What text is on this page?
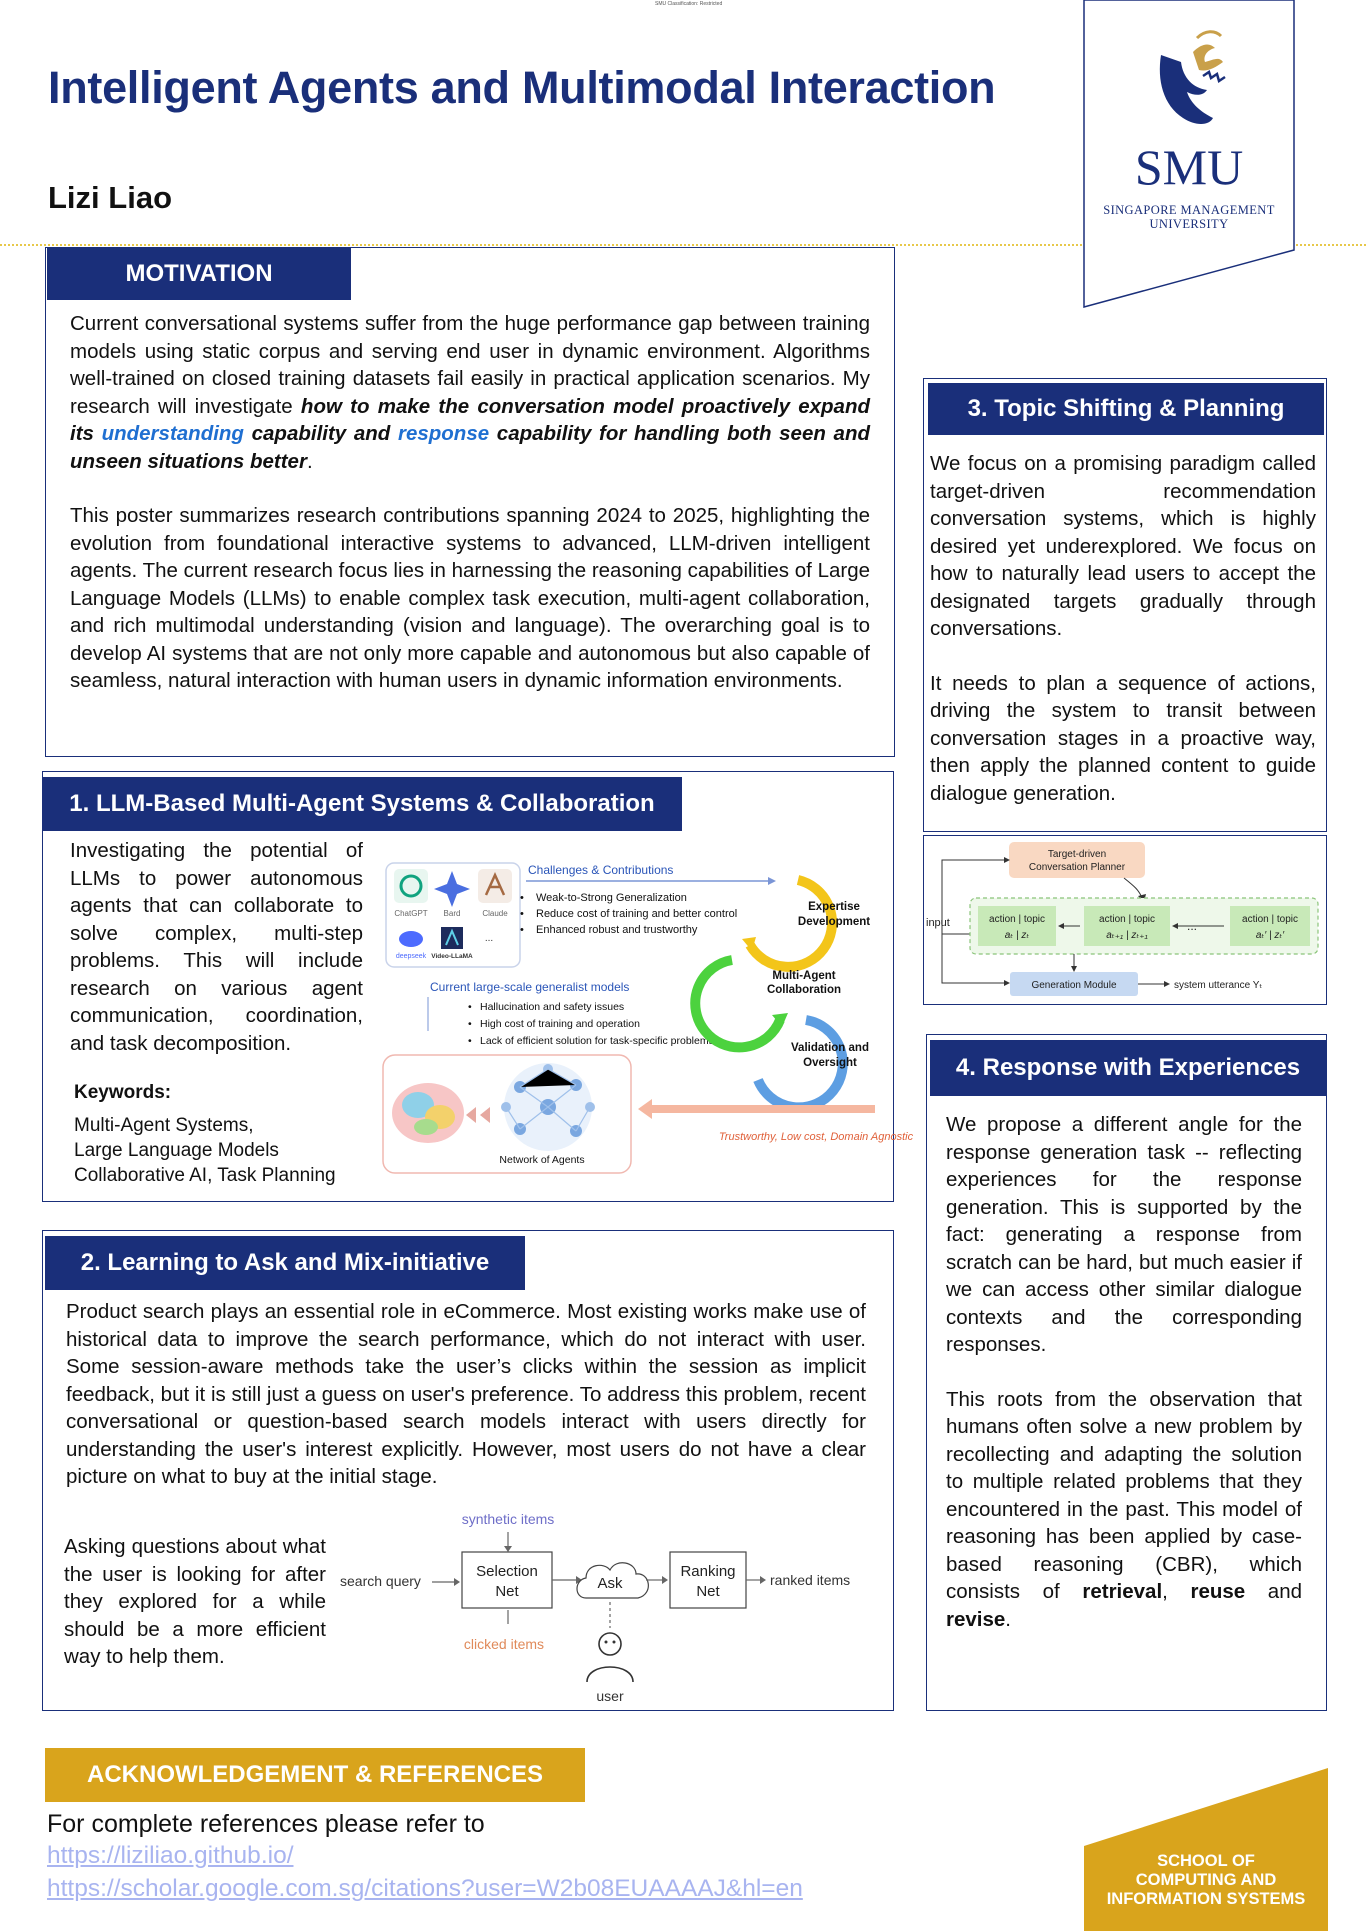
SMU Classification: Restricted
Intelligent Agents and Multimodal Interaction
Lizi Liao
SMU
SINGAPORE MANAGEMENT
UNIVERSITY
MOTIVATION

Current conversational systems suffer from the huge performance gap between training models using static corpus and serving end user in dynamic environment. Algorithms well-trained on closed training datasets fail easily in practical application scenarios. My research will investigate how to make the conversation model proactively expand its understanding capability and response capability for handling both seen and unseen situations better.

This poster summarizes research contributions spanning 2024 to 2025, highlighting the evolution from foundational interactive systems to advanced, LLM-driven intelligent agents. The current research focus lies in harnessing the reasoning capabilities of Large Language Models (LLMs) to enable complex task execution, multi-agent collaboration, and rich multimodal understanding (vision and language). The overarching goal is to develop AI systems that are not only more capable and autonomous but also capable of seamless, natural interaction with human users in dynamic information environments.

1. LLM-Based Multi-Agent Systems & Collaboration
Investigating the potential of LLMs to power autonomous agents that can collaborate to solve complex, multi-step problems. This will include research on various agent communication, coordination, and task decomposition.
Keywords:
Multi-Agent Systems,
Large Language Models
Collaborative AI, Task Planning
ChatGPT Bard	Claude
deepseek Video-LLaMA
...
Challenges & Contributions
• Weak-to-Strong Generalization
• Reduce cost of training and better control
• Enhanced robust and trustworthy
Current large-scale generalist models
• Hallucination and safety issues
• High cost of training and operation
• Lack of efficient solution for task-specific problems
Expertise
Development
Multi-Agent
Collaboration
Validation and
Oversight
Network of Agents
Trustworthy, Low cost, Domain Agnostic
2. Learning to Ask and Mix-initiative
Product search plays an essential role in eCommerce. Most existing works make use of historical data to improve the search performance, which do not interact with user. Some session-aware methods take the user’s clicks within the session as implicit feedback, but it is still just a guess on user's preference. To address this problem, recent conversational or question-based search models interact with users directly for understanding the user's interest explicitly. However, most users do not have a clear picture on what to buy at the initial stage.
Asking questions about what the user is looking for after they explored for a while should be a more efficient way to help them.
synthetic items
search query
Selection
Net	Ask
Ranking
Net
ranked items
clicked items
user
3. Topic Shifting & Planning

We focus on a promising paradigm called target-driven recommendation conversation systems, which is highly desired yet underexplored. We focus on how to naturally lead users to accept the designated targets gradually through conversations.

It needs to plan a sequence of actions, driving the system to transit between conversation stages in a proactive way, then apply the planned content to guide dialogue generation.

Target-driven
Conversation Planner
input	action | topic
aₜ | zₜ
action | topic
aₜ₊₁ | zₜ₊₁
...	action | topic
aₜ′ | zₜ′
Generation Module	system utterance Yₜ
4. Response with Experiences

We propose a different angle for the response generation task -- reflecting experiences for the response generation. This is supported by the fact: generating a response from scratch can be hard, but much easier if we can access other similar dialogue contexts and the corresponding responses.

This roots from the observation that humans often solve a new problem by recollecting and adapting the solution to multiple related problems that they encountered in the past. This model of reasoning has been applied by case-based reasoning (CBR), which consists of retrieval, reuse and revise.

ACKNOWLEDGEMENT & REFERENCES
For complete references please refer to
https://liziliao.github.io/
https://scholar.google.com.sg/citations?user=W2b08EUAAAAJ&hl=en
SCHOOL OF
COMPUTING AND
INFORMATION SYSTEMS
